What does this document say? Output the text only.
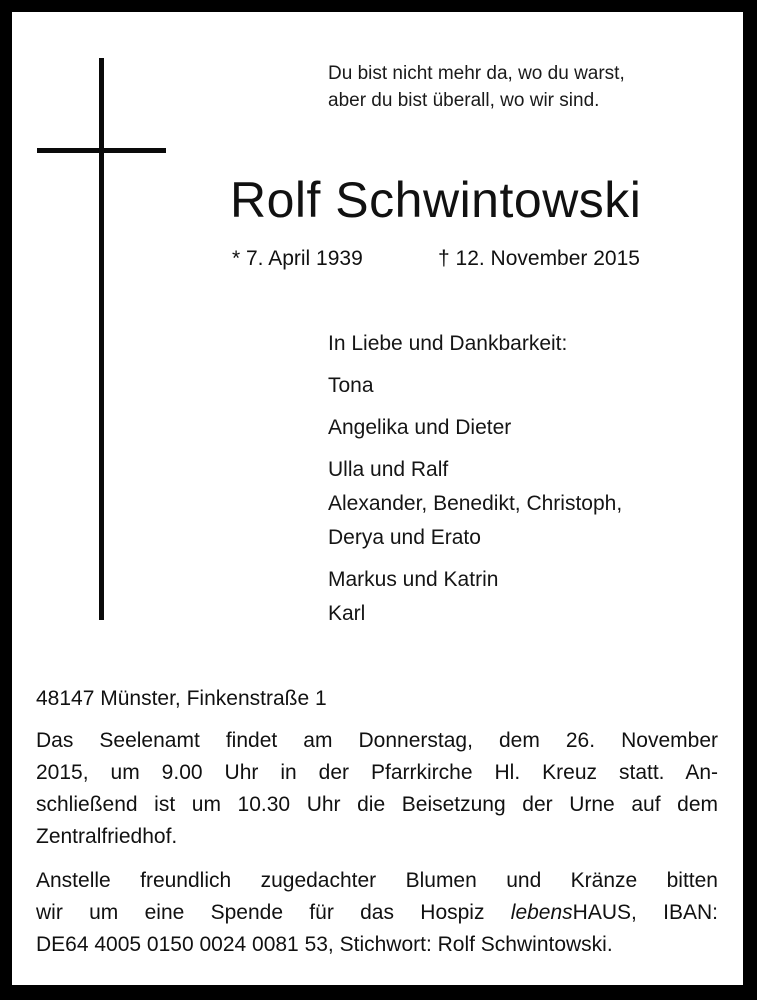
Du bist nicht mehr da, wo du warst,
aber du bist überall, wo wir sind.
Rolf Schwintowski
* 7. April 1939	† 12. November 2015
In Liebe und Dankbarkeit:
Tona
Angelika und Dieter
Ulla und Ralf
Alexander, Benedikt, Christoph,
Derya und Erato
Markus und Katrin
Karl
48147 Münster, Finkenstraße 1
Das Seelenamt findet am Donnerstag, dem 26. November
2015, um 9.00 Uhr in der Pfarrkirche Hl. Kreuz statt. An-
schließend ist um 10.30 Uhr die Beisetzung der Urne auf dem
Zentralfriedhof.
Anstelle freundlich zugedachter Blumen und Kränze bitten
wir um eine Spende für das Hospiz lebensHAUS, IBAN:
DE64 4005 0150 0024 0081 53, Stichwort: Rolf Schwintowski.
